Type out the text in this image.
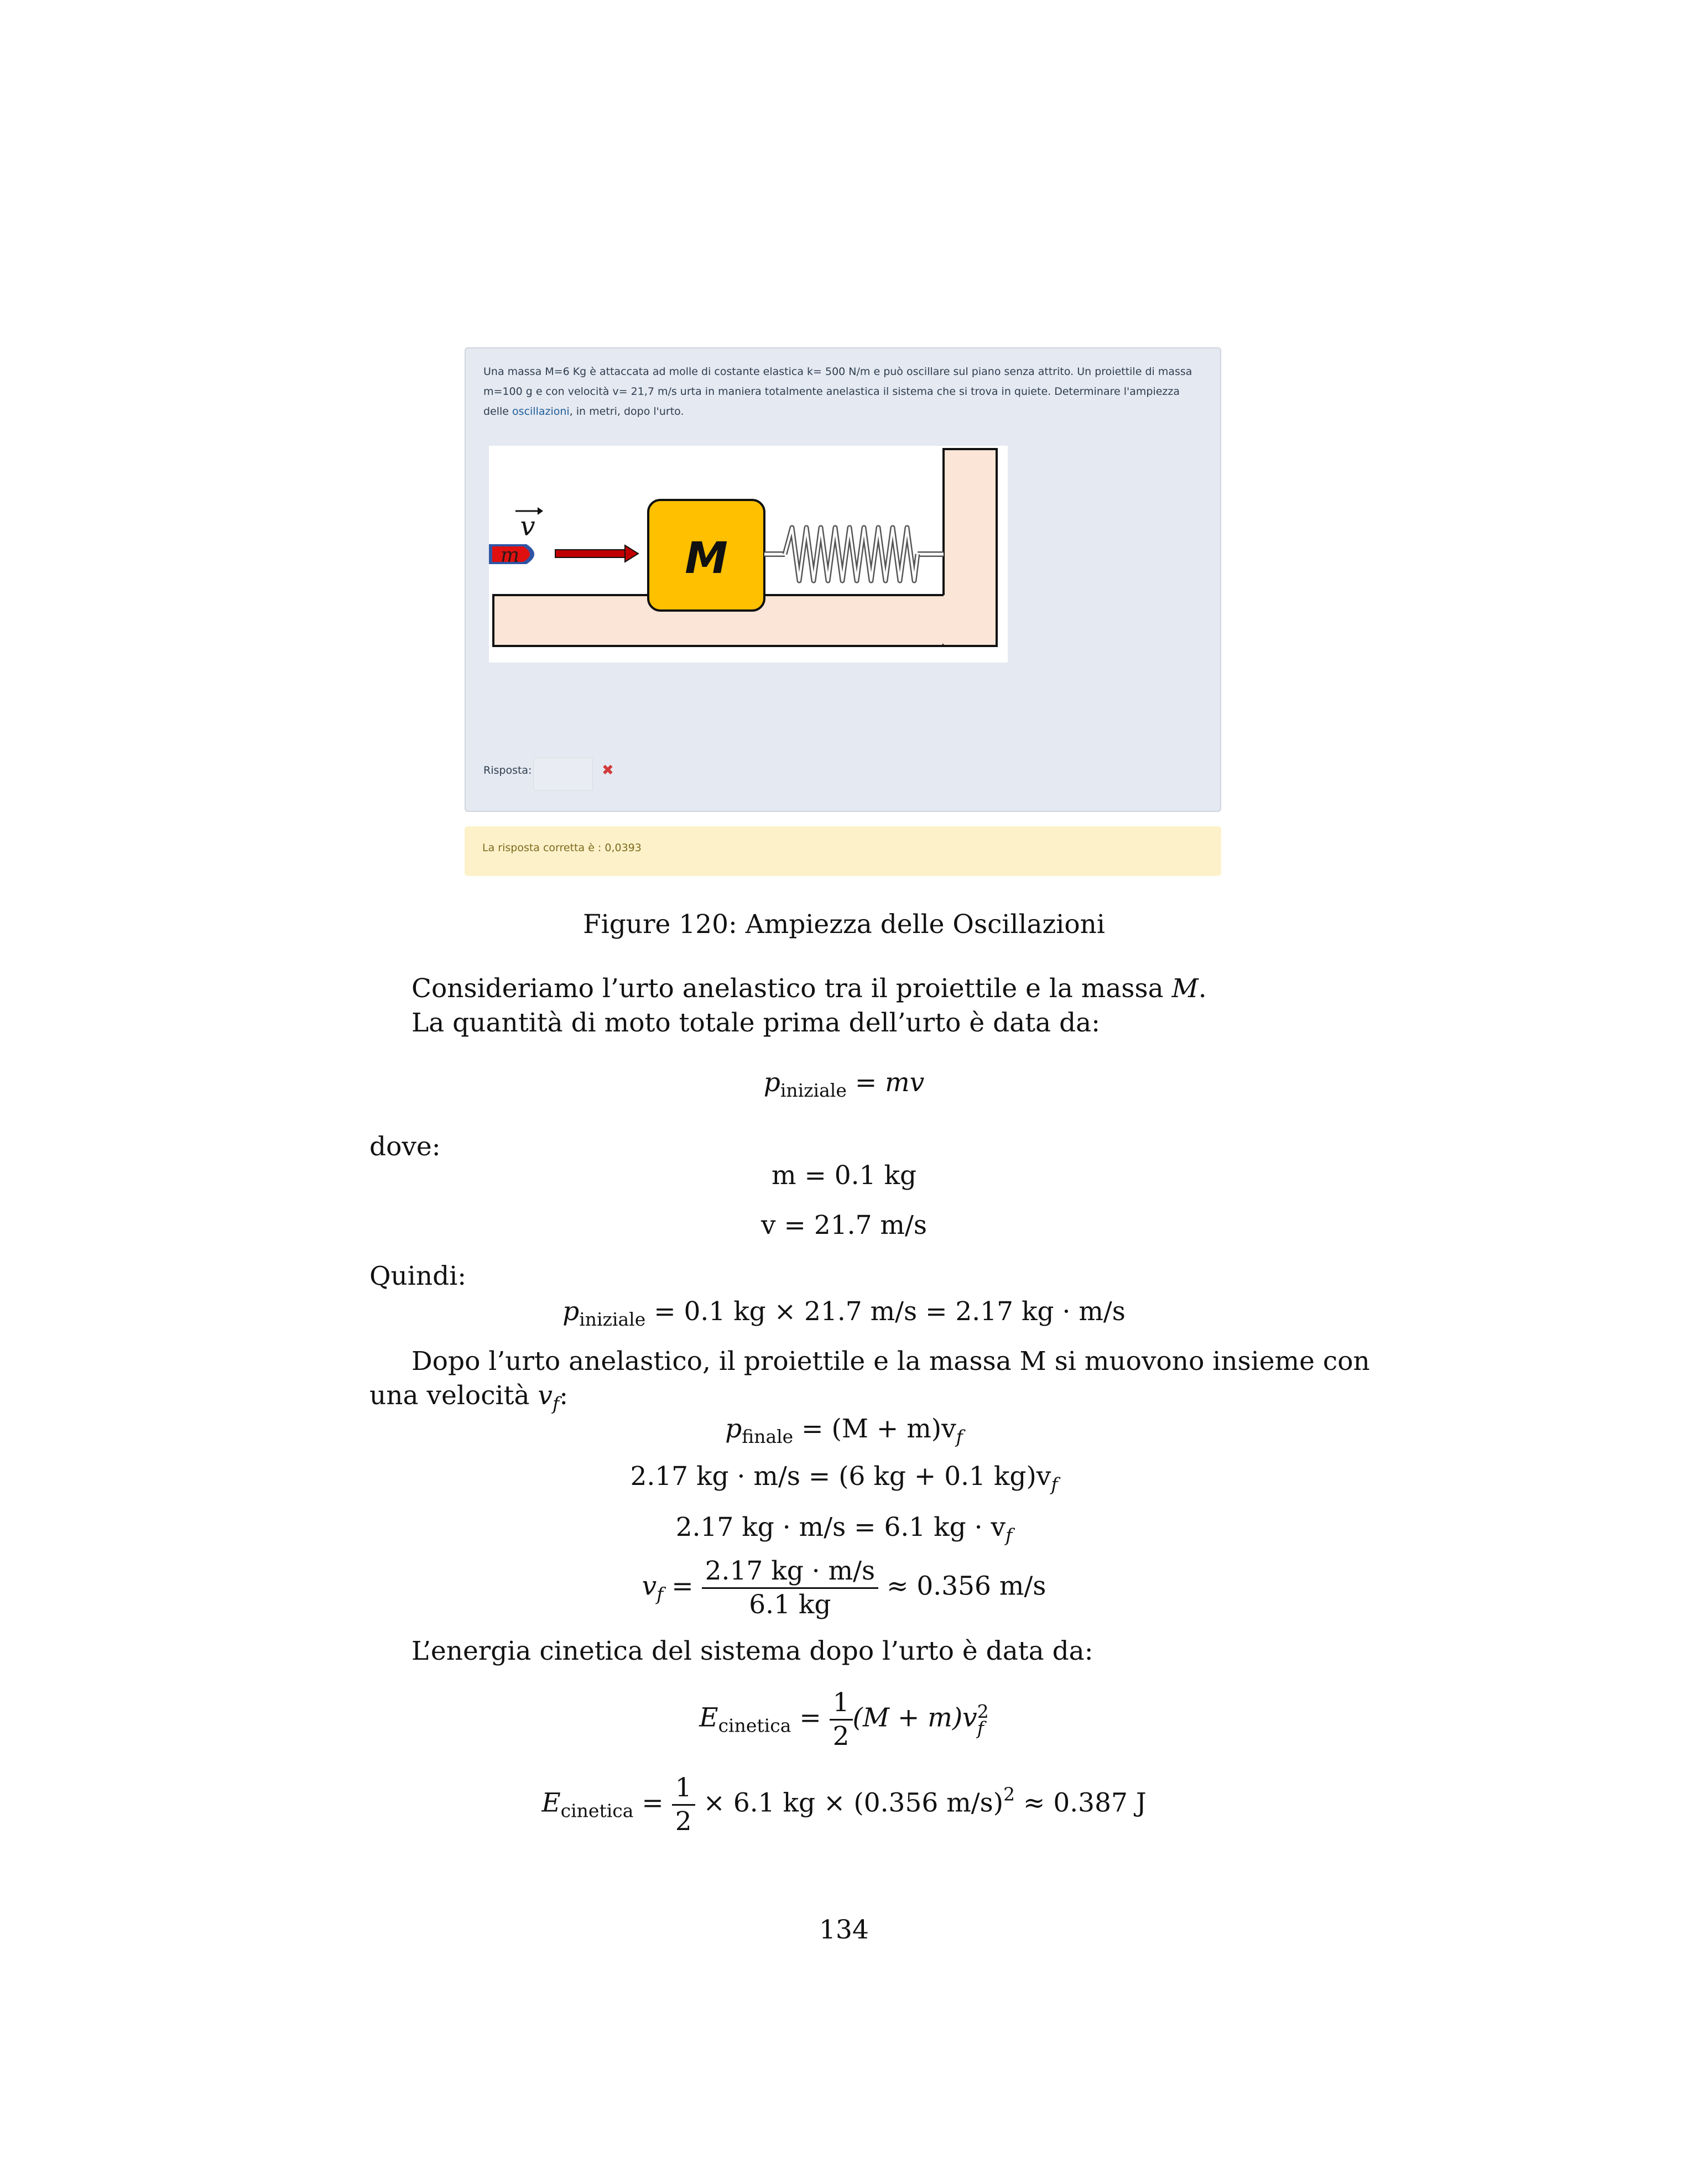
Una massa M=6 Kg è attaccata ad molle di costante elastica k= 500 N/m e può oscillare sul piano senza attrito. Un proiettile di massa m=100 g e con velocità v= 21,7 m/s urta in maniera totalmente anelastica il sistema che si trova in quiete. Determinare l'ampiezza delle oscillazioni, in metri, dopo l'urto.
M
v
m
Risposta:	✖
La risposta corretta è : 0,0393
Figure 120: Ampiezza delle Oscillazioni
Consideriamo l’urto anelastico tra il proiettile e la massa M.
La quantità di moto totale prima dell’urto è data da:
$p_{iniziale}$ = mv
dove:
m = 0.1 kg
v = 21.7 m/s
Quindi:
$p_{iniziale} = 0.1$ kg × 21.7 m/s = 2.17 kg · m/s
Dopo l’urto anelastico, il proiettile e la massa M si muovono insieme con
una velocità $v_f$:
$p_{finale} = (M + m)v_f$
2.17 kg · m/s = (6 kg + 0.1 $kg)v_f$
2.17 kg · m/s = 6.1 kg · $v_f$
$v_f = \frac{2.17 kg \cdot m/s}{6.1 kg} \approx 0.356$ m/s
L’energia cinetica del sistema dopo l’urto è data da:
$E_{cinetica} = \frac{1}{2} (M + m)v$ 2
f
$E_{cinetica} = \frac{1}{2} \times 6.1$ kg × (0.356 m/s)$^2$ ≈ 0.387 J
134
